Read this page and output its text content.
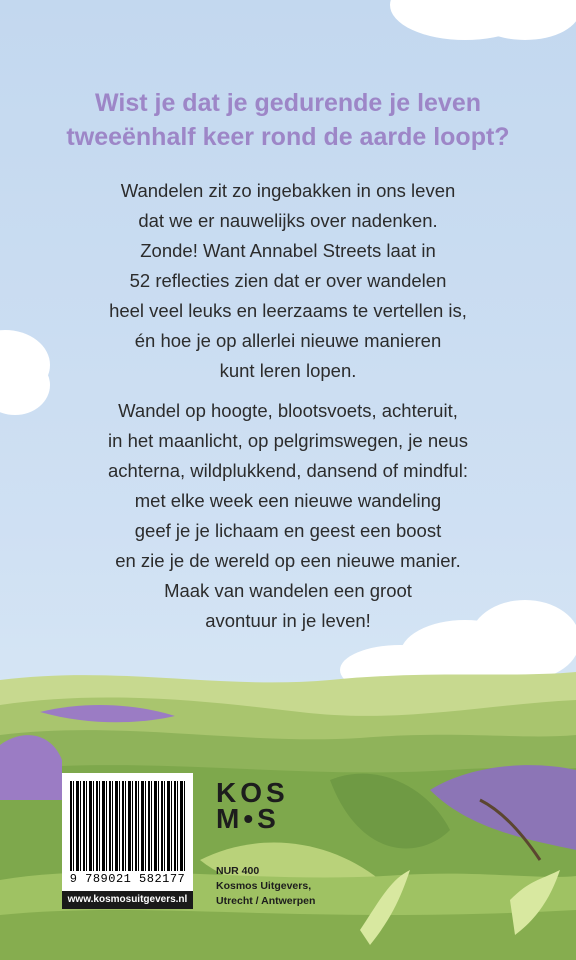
Wist je dat je gedurende je leven
tweeënhalf keer rond de aarde loopt?

Wandelen zit zo ingebakken in ons leven
dat we er nauwelijks over nadenken.
Zonde! Want Annabel Streets laat in
52 reflecties zien dat er over wandelen
heel veel leuks en leerzaams te vertellen is,
én hoe je op allerlei nieuwe manieren
kunt leren lopen.

Wandel op hoogte, blootsvoets, achteruit,
in het maanlicht, op pelgrimswegen, je neus
achterna, wildplukkend, dansend of mindful:
met elke week een nieuwe wandeling
geef je je lichaam en geest een boost
en zie je de wereld op een nieuwe manier.
Maak van wandelen een groot
avontuur in je leven!

9 789021 582177
www.kosmosuitgevers.nl
KOS
M•S
NUR 400
Kosmos Uitgevers,
Utrecht / Antwerpen
